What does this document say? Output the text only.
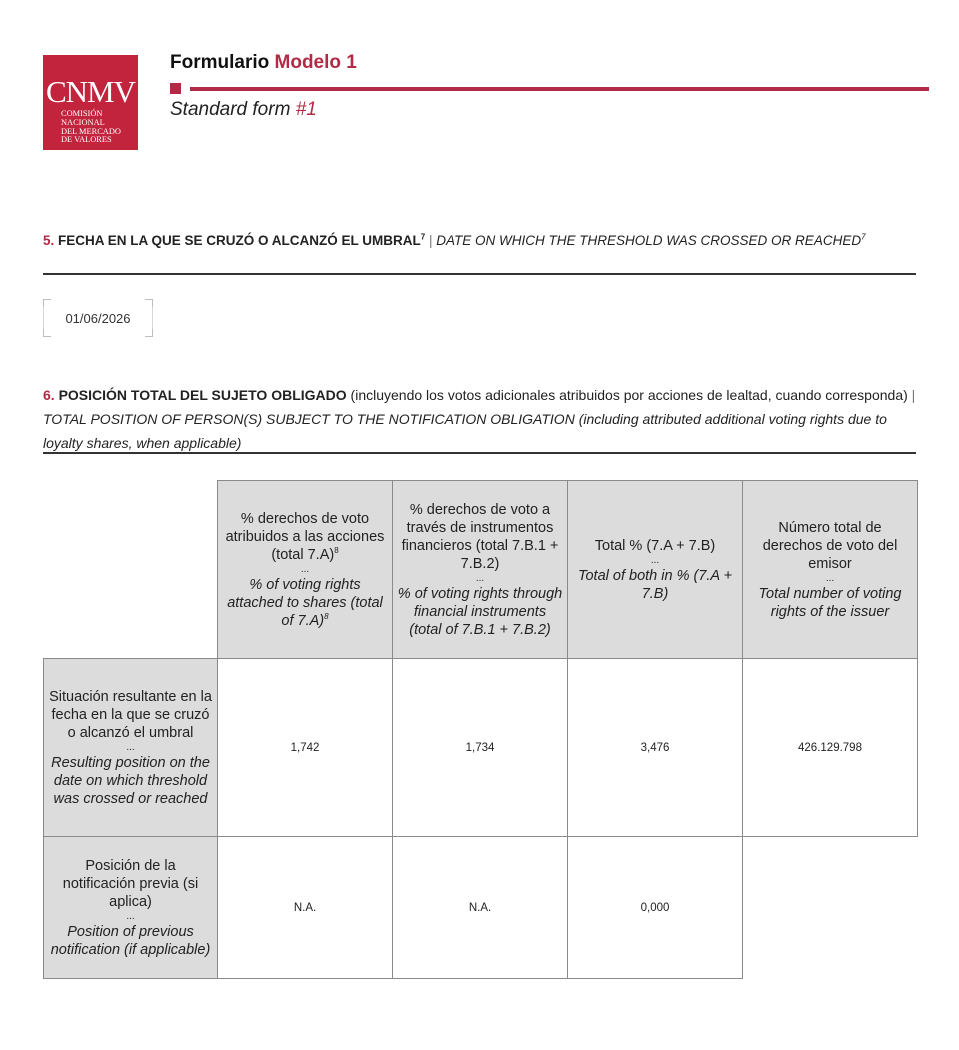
CNMV
COMISIÓN
NACIONAL
DEL MERCADO
DE VALORES
Formulario Modelo 1
Standard form #1
5. FECHA EN LA QUE SE CRUZÓ O ALCANZÓ EL UMBRAL$^7$ | DATE ON WHICH THE THRESHOLD WAS CROSSED OR REACHED$^7$
01/06/2026
6. POSICIÓN TOTAL DEL SUJETO OBLIGADO (incluyendo los votos adicionales atribuidos por acciones de lealtad, cuando corresponda) | TOTAL POSITION OF PERSON(S) SUBJECT TO THE NOTIFICATION OBLIGATION (including attributed additional voting rights due to loyalty shares, when applicable)

	% derechos de voto atribuidos a las acciones (total 7.A)$^8$
...
% of voting rights attached to shares (total of 7.A)$^8$	% derechos de voto a través de instrumentos financieros (total 7.B.1 + 7.B.2)
...
% of voting rights through financial instruments (total of 7.B.1 + 7.B.2)	Total % (7.A + 7.B)
...
Total of both in % (7.A + 7.B)	Número total de derechos de voto del emisor
...
Total number of voting rights of the issuer

Situación resultante en la fecha en la que se cruzó o alcanzó el umbral
...
Resulting position on the date on which threshold was crossed or reached	1,742	1,734	3,476	426.129.798

Posición de la notificación previa (si aplica)
...
Position of previous notification (if applicable)	N.A.	N.A.	0,000	
